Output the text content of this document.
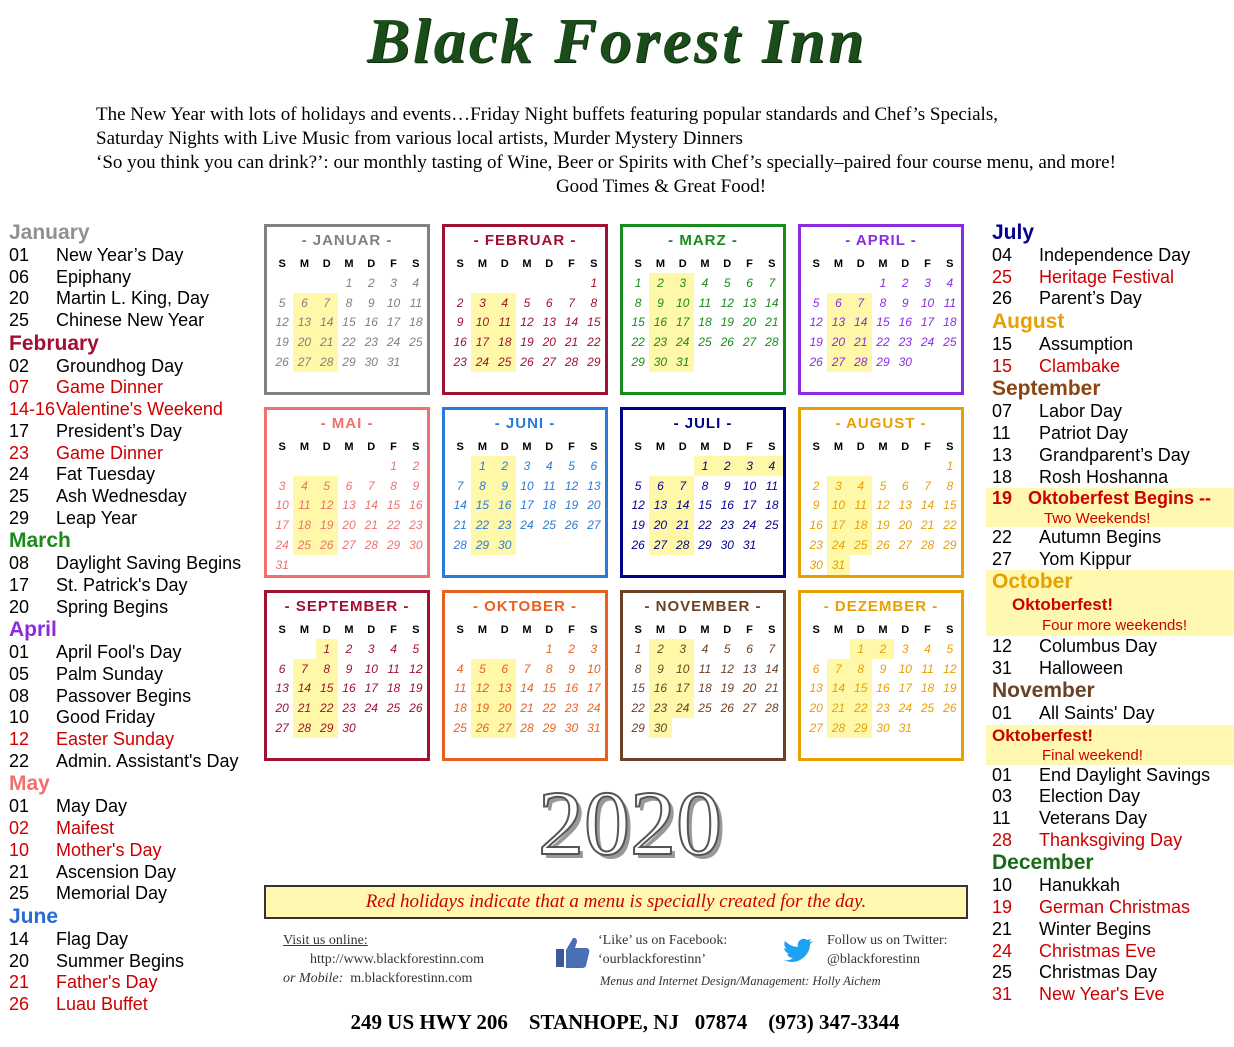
Black Forest Inn
The New Year with lots of holidays and events…Friday Night buffets featuring popular standards and Chef’s Specials,
Saturday Nights with Live Music from various local artists, Murder Mystery Dinners
‘So you think you can drink?’: our monthly tasting of Wine, Beer or Spirits with Chef’s specially–paired four course menu, and more!
Good Times & Great Food!
January
01 New Year’s Day
06 Epiphany
20 Martin L. King, Day
25 Chinese New Year
February
02 Groundhog Day
07 Game Dinner
14-16Valentine's Weekend
17 President’s Day
23 Game Dinner
24 Fat Tuesday
25 Ash Wednesday
29 Leap Year
March
08 Daylight Saving Begins
17 St. Patrick's Day
20 Spring Begins
April
01 April Fool's Day
05 Palm Sunday
08 Passover Begins
10 Good Friday
12 Easter Sunday
22 Admin. Assistant's Day
May
01 May Day
02 Maifest
10 Mother's Day
21 Ascension Day
25 Memorial Day
June
14 Flag Day
20 Summer Begins
21 Father's Day
26 Luau Buffet
July
04 Independence Day
25 Heritage Festival
26 Parent’s Day
August
15 Assumption
15 Clambake
September
07 Labor Day
11 Patriot Day
13 Grandparent’s Day
18 Rosh Hoshanna
19 Oktoberfest Begins --
Two Weekends!
22 Autumn Begins
27 Yom Kippur
October
Oktoberfest!
Four more weekends!
12 Columbus Day
31 Halloween
November
01 All Saints' Day
Oktoberfest!
Final weekend!
01 End Daylight Savings
03 Election Day
11 Veterans Day
28 Thanksgiving Day
December
10 Hanukkah
19 German Christmas
21 Winter Begins
24 Christmas Eve
25 Christmas Day
31 New Year's Eve
- JANUAR -
S	M	D	M	D	F	S
			1	2	3	4
5	6	7	8	9	10	11
12	13	14	15	16	17	18
19	20	21	22	23	24	25
26	27	28	29	30	31	
- FEBRUAR -
S	M	D	M	D	F	S
						1
2	3	4	5	6	7	8
9	10	11	12	13	14	15
16	17	18	19	20	21	22
23	24	25	26	27	28	29
- MARZ -
S	M	D	M	D	F	S
1	2	3	4	5	6	7
8	9	10	11	12	13	14
15	16	17	18	19	20	21
22	23	24	25	26	27	28
29	30	31				
- APRIL -
S	M	D	M	D	F	S
			1	2	3	4
5	6	7	8	9	10	11
12	13	14	15	16	17	18
19	20	21	22	23	24	25
26	27	28	29	30		
- MAI -
S	M	D	M	D	F	S
					1	2
3	4	5	6	7	8	9
10	11	12	13	14	15	16
17	18	19	20	21	22	23
24	25	26	27	28	29	30
31						
- JUNI -
S	M	D	M	D	F	S
	1	2	3	4	5	6
7	8	9	10	11	12	13
14	15	16	17	18	19	20
21	22	23	24	25	26	27
28	29	30				
- JULI -
S	M	D	M	D	F	S
			1	2	3	4
5	6	7	8	9	10	11
12	13	14	15	16	17	18
19	20	21	22	23	24	25
26	27	28	29	30	31	
- AUGUST -
S	M	D	M	D	F	S
						1
2	3	4	5	6	7	8
9	10	11	12	13	14	15
16	17	18	19	20	21	22
23	24	25	26	27	28	29
30	31					
- SEPTEMBER -
S	M	D	M	D	F	S
		1	2	3	4	5
6	7	8	9	10	11	12
13	14	15	16	17	18	19
20	21	22	23	24	25	26
27	28	29	30			
- OKTOBER -
S	M	D	M	D	F	S
				1	2	3
4	5	6	7	8	9	10
11	12	13	14	15	16	17
18	19	20	21	22	23	24
25	26	27	28	29	30	31
- NOVEMBER -
S	M	D	M	D	F	S
1	2	3	4	5	6	7
8	9	10	11	12	13	14
15	16	17	18	19	20	21
22	23	24	25	26	27	28
29	30					
- DEZEMBER -
S	M	D	M	D	F	S
		1	2	3	4	5
6	7	8	9	10	11	12
13	14	15	16	17	18	19
20	21	22	23	24	25	26
27	28	29	30	31		
2020
Red holidays indicate that a menu is specially created for the day.
Visit us online:
http://www.blackforestinn.com
or Mobile: m.blackforestinn.com
‘Like’ us on Facebook:
‘ourblackforestinn’
Follow us on Twitter:
@blackforestinn
Menus and Internet Design/Management: Holly Aichem
249 US HWY 206    STANHOPE, NJ   07874    (973) 347-3344
